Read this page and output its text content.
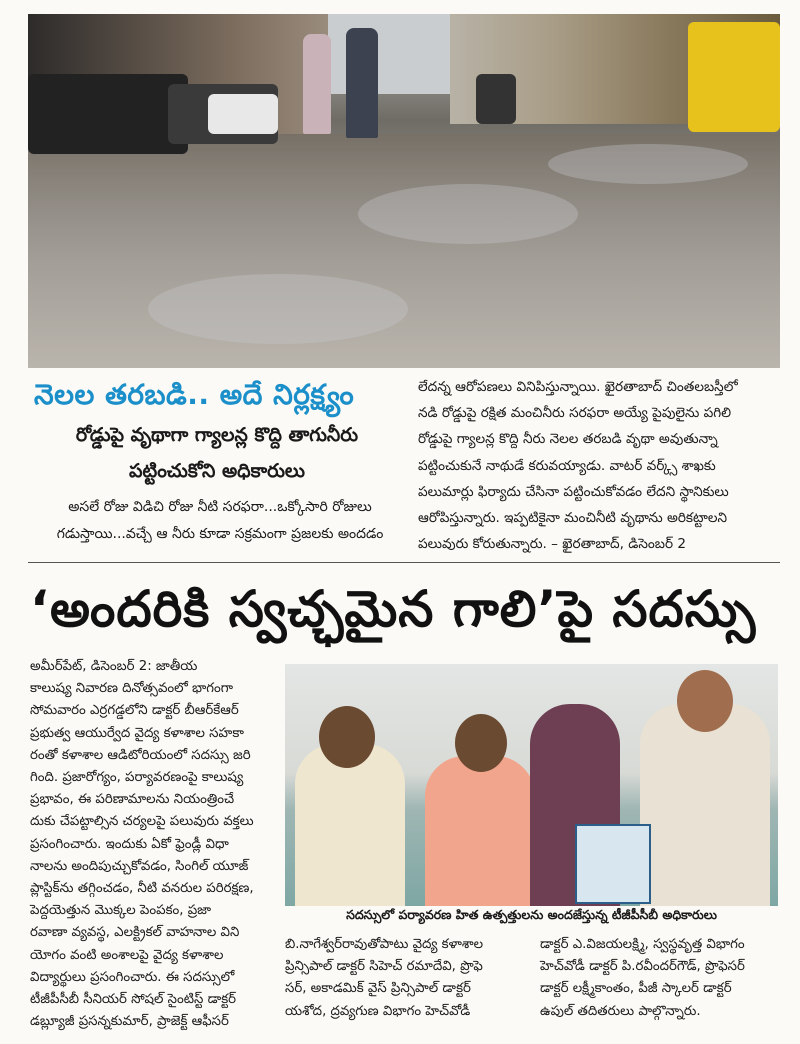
నెలల తరబడి.. అదే నిర్లక్ష్యం
రోడ్డుపై వృథాగా గ్యాలన్ల కొద్ది తాగునీరు
పట్టించుకోని అధికారులు
అసలే రోజు విడిచి రోజు నీటి సరఫరా...ఒక్కోసారి రోజులు
గడుస్తాయి...వచ్చే ఆ నీరు కూడా సక్రమంగా ప్రజలకు అందడం
లేదన్న ఆరోపణలు వినిపిస్తున్నాయి. ఖైరతాబాద్ చింతలబస్తీలో
నడి రోడ్డుపై రక్షిత మంచినీరు సరఫరా అయ్యే పైపులైను పగిలి
రోడ్డుపై గ్యాలన్ల కొద్ది నీరు నెలల తరబడి వృథా అవుతున్నా
పట్టించుకునే నాథుడే కరువయ్యాడు. వాటర్ వర్క్స్ శాఖకు
పలుమార్లు ఫిర్యాదు చేసినా పట్టించుకోవడం లేదని స్థానికులు
ఆరోపిస్తున్నారు. ఇప్పటికైనా మంచినీటి వృథాను అరికట్టాలని
పలువురు కోరుతున్నారు. – ఖైరతాబాద్, డిసెంబర్ 2
‘అందరికి స్వచ్ఛమైన గాలి’పై సదస్సు
సదస్సులో పర్యావరణ హిత ఉత్పత్తులను అందజేస్తున్న టీజీపీసీబీ అధికారులు
అమీర్‌పేట్, డిసెంబర్ 2: జాతీయ
కాలుష్య నివారణ దినోత్సవంలో భాగంగా
సోమవారం ఎర్రగడ్డలోని డాక్టర్ బీఆర్‌కేఆర్
ప్రభుత్వ ఆయుర్వేద వైద్య కళాశాల సహకా
రంతో కళాశాల ఆడిటోరియంలో సదస్సు జరి
గింది. ప్రజారోగ్యం, పర్యావరణంపై కాలుష్య
ప్రభావం, ఈ పరిణామాలను నియంత్రించే
దుకు చేపట్టాల్సిన చర్యలపై పలువురు వక్తలు
ప్రసంగించారు. ఇందుకు ఏకో ఫ్రెండ్లీ విధా
నాలను అందిపుచ్చుకోవడం, సింగిల్ యూజ్
ప్లాస్టిక్‌ను తగ్గించడం, నీటి వనరుల పరిరక్షణ,
పెద్దయెత్తున మొక్కల పెంపకం, ప్రజా
రవాణా వ్యవస్థ, ఎలక్ట్రికల్ వాహనాల విని
యోగం వంటి అంశాలపై వైద్య కళాశాల
విద్యార్థులు ప్రసంగించారు. ఈ సదస్సులో
టీజీపీసీబీ సీనియర్ సోషల్ సైంటిస్ట్ డాక్టర్
డబ్ల్యూజీ ప్రసన్నకుమార్, ప్రాజెక్ట్ ఆఫీసర్
బి.నాగేశ్వర్‌రావుతోపాటు వైద్య కళాశాల
ప్రిన్సిపాల్ డాక్టర్ సిహెచ్ రమాదేవి, ప్రొఫె
సర్, అకాడమిక్ వైస్ ప్రిన్సిపాల్ డాక్టర్
యశోద, ద్రవ్యగుణ విభాగం హెచ్‌వోడీ
డాక్టర్ ఎ.విజయలక్ష్మి, స్వస్థవృత్త విభాగం
హెచ్‌వోడీ డాక్టర్ పి.రవీందర్‌గౌడ్, ప్రొఫెసర్
డాక్టర్ లక్ష్మీకాంతం, పీజీ స్కాలర్ డాక్టర్
ఉపుల్ తదితరులు పాల్గొన్నారు.
